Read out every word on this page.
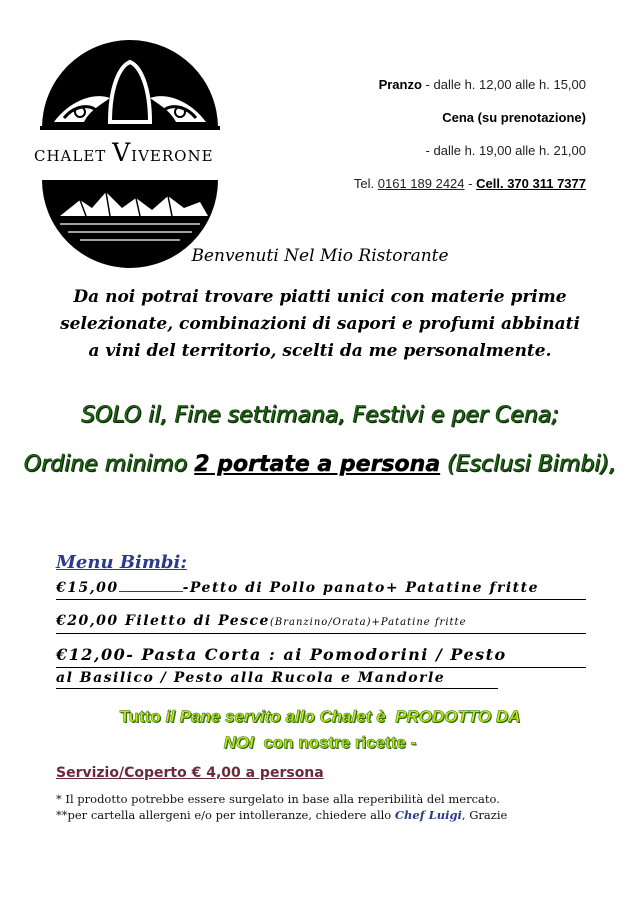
CHALET VIVERONE
Pranzo - dalle h. 12,00 alle h. 15,00
Cena (su prenotazione)
- dalle h. 19,00 alle h. 21,00
Tel. 0161 189 2424 - Cell. 370 311 7377
Benvenuti Nel Mio Ristorante
Da noi potrai trovare piatti unici con materie prime
selezionate, combinazioni di sapori e profumi abbinati
a vini del territorio, scelti da me personalmente.
SOLO il, Fine settimana, Festivi e per Cena;
Ordine minimo 2 portate a persona (Esclusi Bimbi),
Menu Bimbi:
€15,00	-Petto di Pollo panato+ Patatine fritte
€20,00 Filetto di Pesce(Branzino/Orata)+Patatine fritte
€12,00- Pasta Corta : ai Pomodorini / Pesto
al Basilico / Pesto alla Rucola e Mandorle
Tutto il Pane servito allo Chalet è PRODOTTO DA
NOI con nostre ricette -
Servizio/Coperto € 4,00 a persona
* Il prodotto potrebbe essere surgelato in base alla reperibilità del mercato.
**per cartella allergeni e/o per intolleranze, chiedere allo Chef Luigi, Grazie
